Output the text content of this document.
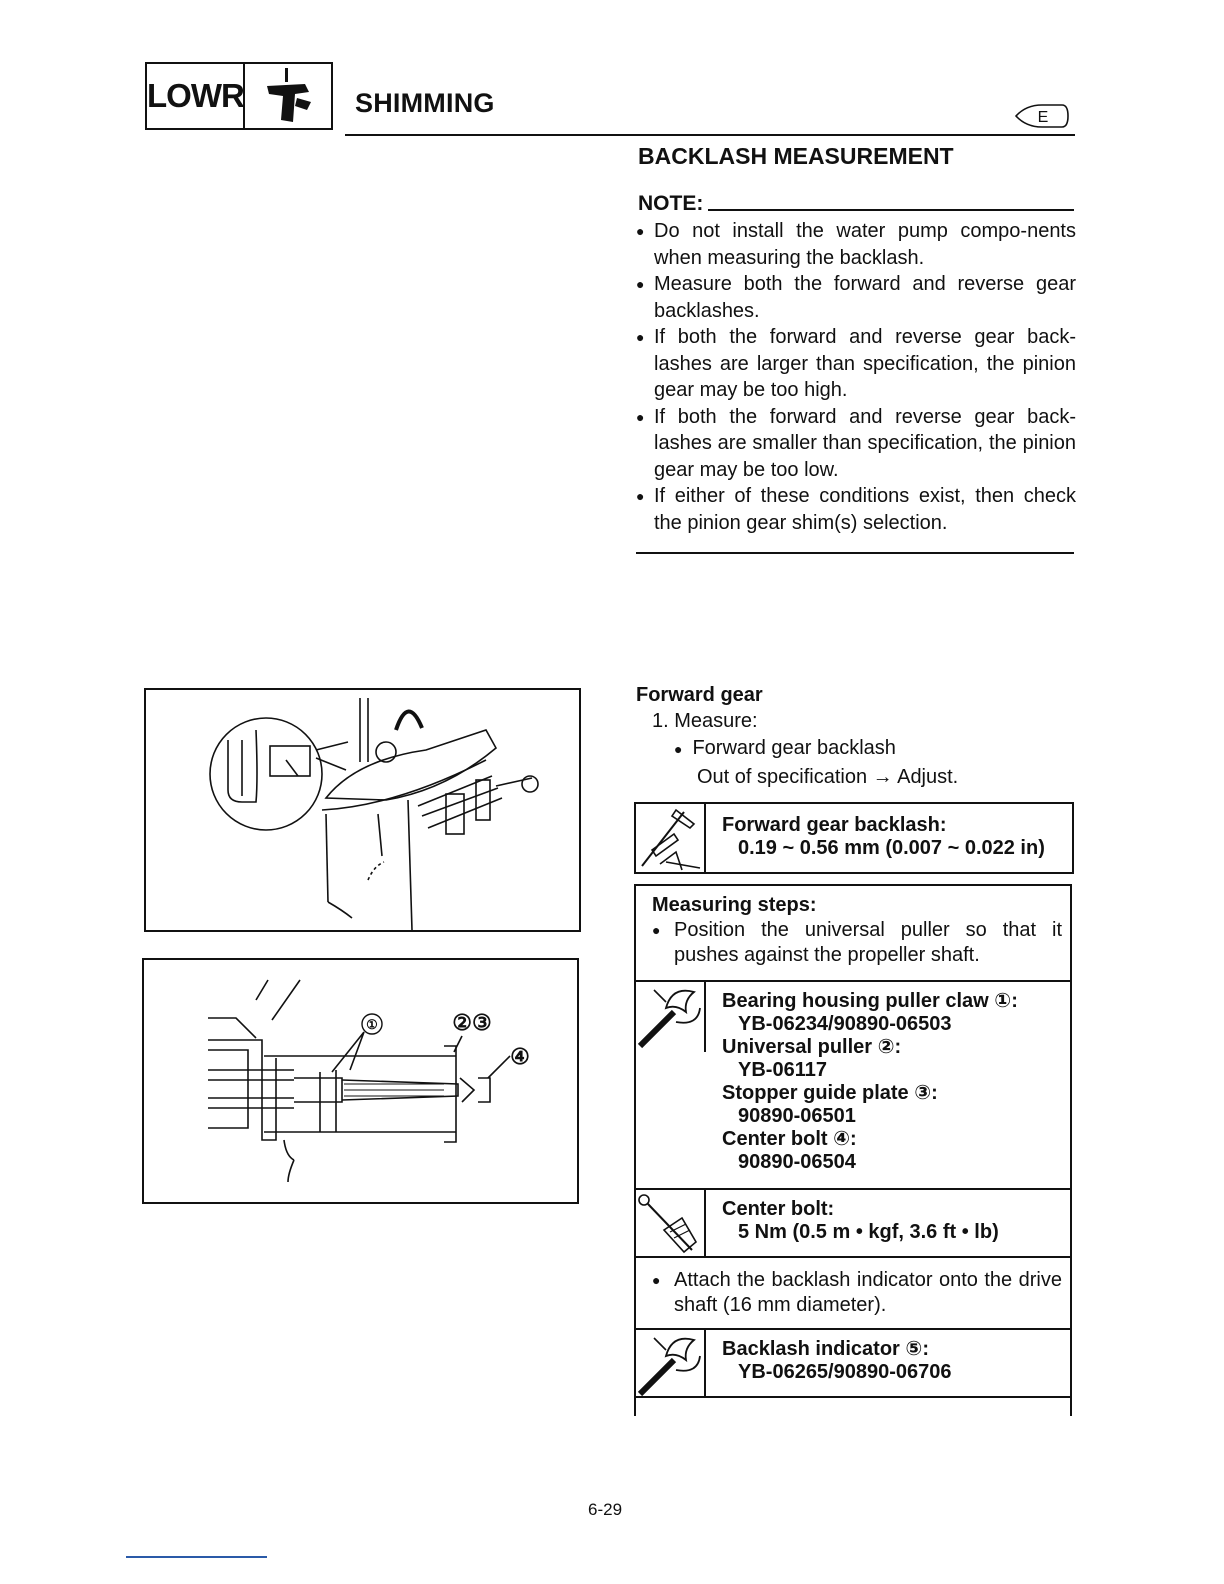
LOWR	SHIMMING	E
BACKLASH MEASUREMENT
NOTE:
● Do not install the water pump compo-nents when measuring the backlash.
● Measure both the forward and reverse gear backlashes.
● If both the forward and reverse gear back-lashes are larger than specification, the pinion gear may be too high.
● If both the forward and reverse gear back-lashes are smaller than specification, the pinion gear may be too low.
● If either of these conditions exist, then check the pinion gear shim(s) selection.
Forward gear
1. Measure:
● Forward gear backlash
Out of specification → Adjust.
Forward gear backlash:
0.19 ~ 0.56 mm (0.007 ~ 0.022 in)
Measuring steps:
● Position the universal puller so that it pushes against the propeller shaft.
Bearing housing puller claw ①:
YB-06234/90890-06503
Universal puller ②:
YB-06117
Stopper guide plate ③:
90890-06501
Center bolt ④:
90890-06504
Center bolt:
5 Nm (0.5 m • kgf, 3.6 ft • lb)
● Attach the backlash indicator onto the drive shaft (16 mm diameter).
Backlash indicator ⑤:
YB-06265/90890-06706
①	②③
④
6-29
